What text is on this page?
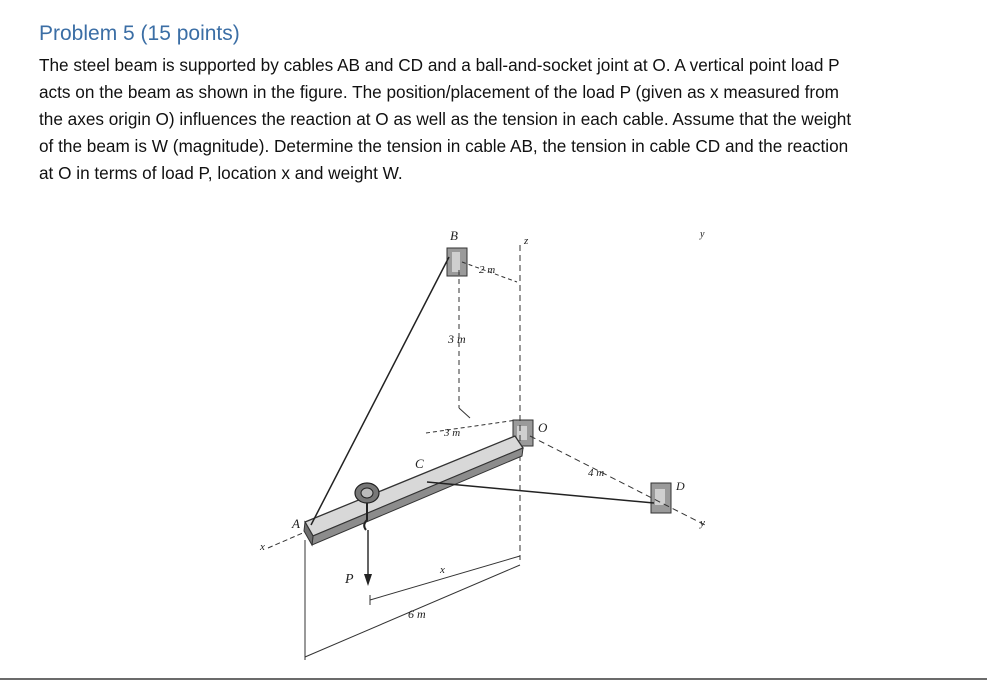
Problem 5 (15 points)
The steel beam is supported by cables AB and CD and a ball-and-socket joint at O. A vertical point load P
acts on the beam as shown in the figure. The position/placement of the load P (given as x measured from
the axes origin O) influences the reaction at O as well as the tension in each cable. Assume that the weight
of the beam is W (magnitude). Determine the tension in cable AB, the tension in cable CD and the reaction
at O in terms of load P, location x and weight W.
B	z
y
2 m
3 m
3 m	O
C
4 m
D
y
A
x
P
x
6 m
